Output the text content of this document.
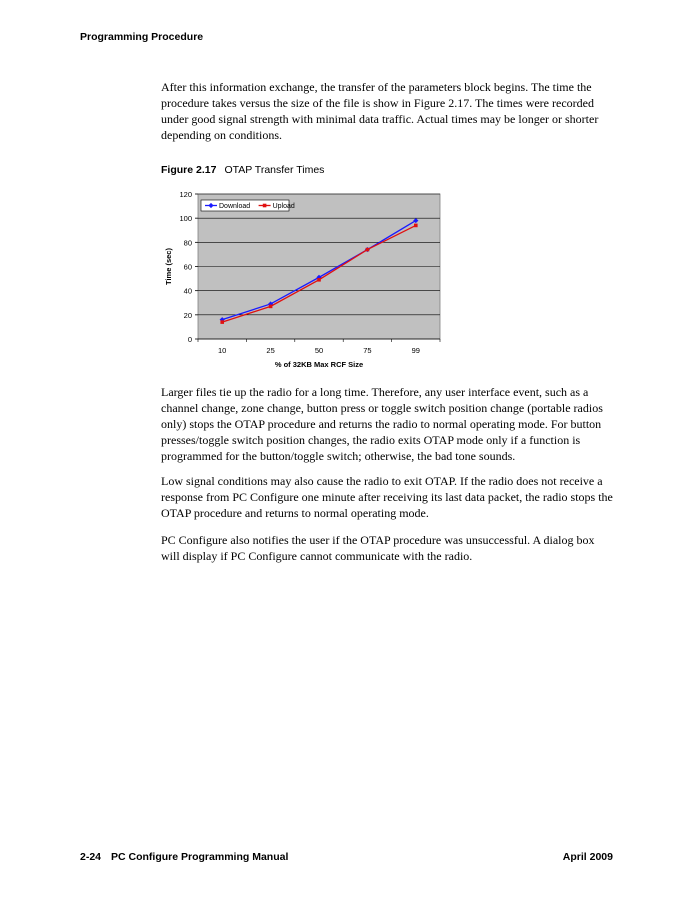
Programming Procedure

After this information exchange, the transfer of the parameters block begins. The time the procedure takes versus the size of the file is show in Figure 2.17. The times were recorded under good signal strength with minimal data traffic. Actual times may be longer or shorter depending on conditions.

Figure 2.17 OTAP Transfer Times
0
20
40
60
80
100
120
10	25	50	75	99
% of 32KB Max RCF Size
Time (sec)
Download	Upload

Larger files tie up the radio for a long time. Therefore, any user interface event, such as a channel change, zone change, button press or toggle switch position change (portable radios only) stops the OTAP procedure and returns the radio to normal operating mode. For button presses/toggle switch position changes, the radio exits OTAP mode only if a function is programmed for the button/toggle switch; otherwise, the bad tone sounds.

Low signal conditions may also cause the radio to exit OTAP. If the radio does not receive a response from PC Configure one minute after receiving its last data packet, the radio stops the OTAP procedure and returns to normal operating mode.

PC Configure also notifies the user if the OTAP procedure was unsuccessful. A dialog box will display if PC Configure cannot communicate with the radio.

2-24 PC Configure Programming Manual	April 2009
